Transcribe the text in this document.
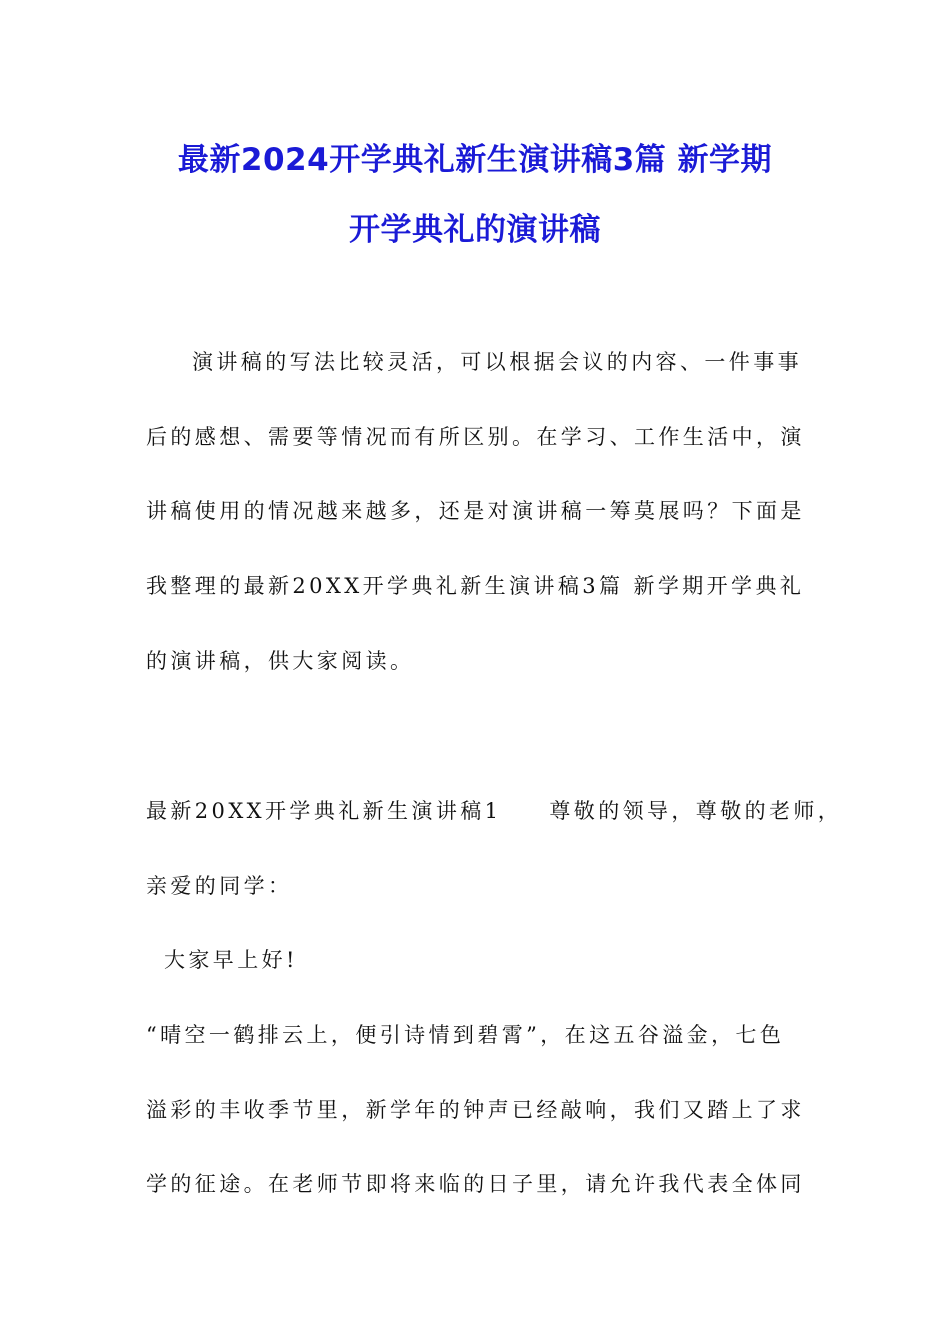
最新2024开学典礼新生演讲稿3篇 新学期
开学典礼的演讲稿
演讲稿的写法比较灵活，可以根据会议的内容、一件事事
后的感想、需要等情况而有所区别。在学习、工作生活中，演
讲稿使用的情况越来越多，还是对演讲稿一筹莫展吗？下面是
我整理的最新20XX开学典礼新生演讲稿3篇 新学期开学典礼
的演讲稿，供大家阅读。
最新20XX开学典礼新生演讲稿1 尊敬的领导，尊敬的老师，
亲爱的同学：
大家早上好!
“晴空一鹤排云上，便引诗情到碧霄”，在这五谷溢金，七色
溢彩的丰收季节里，新学年的钟声已经敲响，我们又踏上了求
学的征途。在老师节即将来临的日子里，请允许我代表全体同
